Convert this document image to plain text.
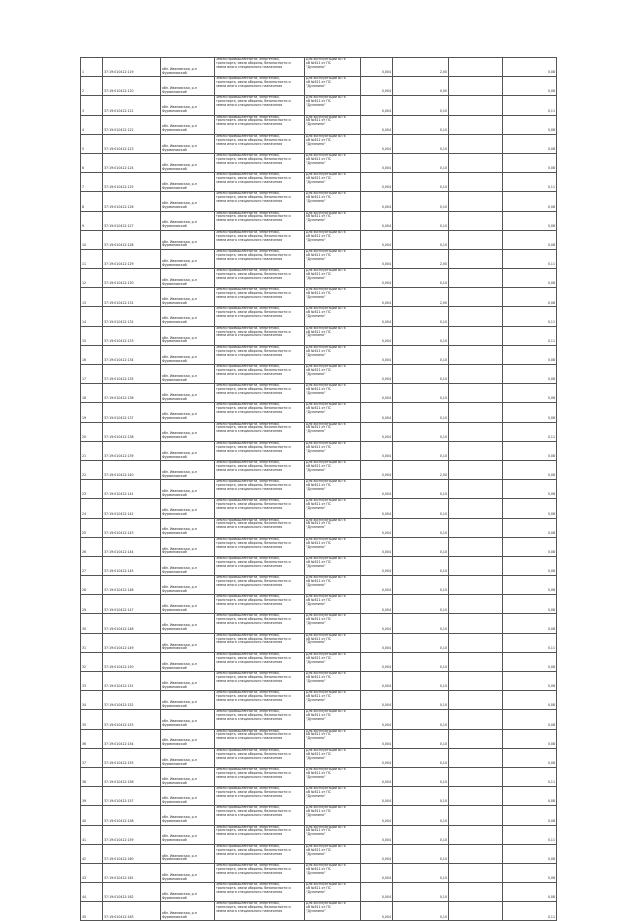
1	37:19:010412:119
обл. Ивановская, р-н
Фурмановский
Земли промышленности, энергетики,
транспорта, связи обороны, безопасности и
земли иного специального назначения
Для эксплуатации ВЛ 6
кВ №611 от ПС
"Дуляпино"
0,004	2,00	0,08
2	37:19:010412:120
обл. Ивановская, р-н
Фурмановский
Земли промышленности, энергетики,
транспорта, связи обороны, безопасности и
земли иного специального назначения
Для эксплуатации ВЛ 6
кВ №611 от ПС
"Дуляпино"
0,004	0,00	0,08
3	37:19:010412:121
обл. Ивановская, р-н
Фурмановский
Земли промышленности, энергетики,
транспорта, связи обороны, безопасности и
земли иного специального назначения
Для эксплуатации ВЛ 6
кВ №611 от ПС
"Дуляпино"
0,004	0,10	0,11
4	37:19:010412:122
обл. Ивановская, р-н
Фурмановский
Земли промышленности, энергетики,
транспорта, связи обороны, безопасности и
земли иного специального назначения
Для эксплуатации ВЛ 6
кВ №611 от ПС
"Дуляпино"
0,004	0,10	0,08
5	37:19:010412:123
обл. Ивановская, р-н
Фурмановский
Земли промышленности, энергетики,
транспорта, связи обороны, безопасности и
земли иного специального назначения
Для эксплуатации ВЛ 6
кВ №611 от ПС
"Дуляпино"
0,004	0,10	0,08
6	37:19:010412:124
обл. Ивановская, р-н
Фурмановский
Земли промышленности, энергетики,
транспорта, связи обороны, безопасности и
земли иного специального назначения
Для эксплуатации ВЛ 6
кВ №611 от ПС
"Дуляпино"
0,004	0,10	0,08
7	37:19:010412:125
обл. Ивановская, р-н
Фурмановский
Земли промышленности, энергетики,
транспорта, связи обороны, безопасности и
земли иного специального назначения
Для эксплуатации ВЛ 6
кВ №611 от ПС
"Дуляпино"
0,004	0,10	0,11
8	37:19:010412:126
обл. Ивановская, р-н
Фурмановский
Земли промышленности, энергетики,
транспорта, связи обороны, безопасности и
земли иного специального назначения
Для эксплуатации ВЛ 6
кВ №611 от ПС
"Дуляпино"
0,004	0,10	0,08
9	37:19:010412:127
обл. Ивановская, р-н
Фурмановский
Земли промышленности, энергетики,
транспорта, связи обороны, безопасности и
земли иного специального назначения
Для эксплуатации ВЛ 6
кВ №611 от ПС
"Дуляпино"
0,004	0,10	0,08
10	37:19:010412:128
обл. Ивановская, р-н
Фурмановский
Земли промышленности, энергетики,
транспорта, связи обороны, безопасности и
земли иного специального назначения
Для эксплуатации ВЛ 6
кВ №611 от ПС
"Дуляпино"
0,004	0,10	0,08
11	37:19:010412:129
обл. Ивановская, р-н
Фурмановский
Земли промышленности, энергетики,
транспорта, связи обороны, безопасности и
земли иного специального назначения
Для эксплуатации ВЛ 6
кВ №611 от ПС
"Дуляпино"
0,004	2,00	0,11
12	37:19:010412:130
обл. Ивановская, р-н
Фурмановский
Земли промышленности, энергетики,
транспорта, связи обороны, безопасности и
земли иного специального назначения
Для эксплуатации ВЛ 6
кВ №611 от ПС
"Дуляпино"
0,004	0,10	0,08
13	37:19:010412:131
обл. Ивановская, р-н
Фурмановский
Земли промышленности, энергетики,
транспорта, связи обороны, безопасности и
земли иного специального назначения
Для эксплуатации ВЛ 6
кВ №611 от ПС
"Дуляпино"
0,004	2,00	0,08
14	37:19:010412:132
обл. Ивановская, р-н
Фурмановский
Земли промышленности, энергетики,
транспорта, связи обороны, безопасности и
земли иного специального назначения
Для эксплуатации ВЛ 6
кВ №611 от ПС
"Дуляпино"
0,004	0,10	0,11
15	37:19:010412:133
обл. Ивановская, р-н
Фурмановский
Земли промышленности, энергетики,
транспорта, связи обороны, безопасности и
земли иного специального назначения
Для эксплуатации ВЛ 6
кВ №611 от ПС
"Дуляпино"
0,004	0,10	0,11
16	37:19:010412:134
обл. Ивановская, р-н
Фурмановский
Земли промышленности, энергетики,
транспорта, связи обороны, безопасности и
земли иного специального назначения
Для эксплуатации ВЛ 6
кВ №611 от ПС
"Дуляпино"
0,004	0,10	0,08
17	37:19:010412:135
обл. Ивановская, р-н
Фурмановский
Земли промышленности, энергетики,
транспорта, связи обороны, безопасности и
земли иного специального назначения
Для эксплуатации ВЛ 6
кВ №611 от ПС
"Дуляпино"
0,004	0,10	0,08
18	37:19:010412:136
обл. Ивановская, р-н
Фурмановский
Земли промышленности, энергетики,
транспорта, связи обороны, безопасности и
земли иного специального назначения
Для эксплуатации ВЛ 6
кВ №611 от ПС
"Дуляпино"
0,004	0,10	0,08
19	37:19:010412:137
обл. Ивановская, р-н
Фурмановский
Земли промышленности, энергетики,
транспорта, связи обороны, безопасности и
земли иного специального назначения
Для эксплуатации ВЛ 6
кВ №611 от ПС
"Дуляпино"
0,004	0,10	0,08
20	37:19:010412:138
обл. Ивановская, р-н
Фурмановский
Земли промышленности, энергетики,
транспорта, связи обороны, безопасности и
земли иного специального назначения
Для эксплуатации ВЛ 6
кВ №611 от ПС
"Дуляпино"
0,004	0,10	0,11
21	37:19:010412:139
обл. Ивановская, р-н
Фурмановский
Земли промышленности, энергетики,
транспорта, связи обороны, безопасности и
земли иного специального назначения
Для эксплуатации ВЛ 6
кВ №611 от ПС
"Дуляпино"
0,004	0,10	0,08
22	37:19:010412:140
обл. Ивановская, р-н
Фурмановский
Земли промышленности, энергетики,
транспорта, связи обороны, безопасности и
земли иного специального назначения
Для эксплуатации ВЛ 6
кВ №611 от ПС
"Дуляпино"
0,004	2,00	0,08
23	37:19:010412:141
обл. Ивановская, р-н
Фурмановский
Земли промышленности, энергетики,
транспорта, связи обороны, безопасности и
земли иного специального назначения
Для эксплуатации ВЛ 6
кВ №611 от ПС
"Дуляпино"
0,004	0,10	0,08
24	37:19:010412:142
обл. Ивановская, р-н
Фурмановский
Земли промышленности, энергетики,
транспорта, связи обороны, безопасности и
земли иного специального назначения
Для эксплуатации ВЛ 6
кВ №611 от ПС
"Дуляпино"
0,004	0,10	0,08
25	37:19:010412:143
обл. Ивановская, р-н
Фурмановский
Земли промышленности, энергетики,
транспорта, связи обороны, безопасности и
земли иного специального назначения
Для эксплуатации ВЛ 6
кВ №611 от ПС
"Дуляпино"
0,004	0,10	0,08
26	37:19:010412:144
обл. Ивановская, р-н
Фурмановский
Земли промышленности, энергетики,
транспорта, связи обороны, безопасности и
земли иного специального назначения
Для эксплуатации ВЛ 6
кВ №611 от ПС
"Дуляпино"
0,004	0,10	0,08
27	37:19:010412:145
обл. Ивановская, р-н
Фурмановский
Земли промышленности, энергетики,
транспорта, связи обороны, безопасности и
земли иного специального назначения
Для эксплуатации ВЛ 6
кВ №611 от ПС
"Дуляпино"
0,004	0,10	0,08
28	37:19:010412:146
обл. Ивановская, р-н
Фурмановский
Земли промышленности, энергетики,
транспорта, связи обороны, безопасности и
земли иного специального назначения
Для эксплуатации ВЛ 6
кВ №611 от ПС
"Дуляпино"
0,004	0,10	0,08
29	37:19:010412:147
обл. Ивановская, р-н
Фурмановский
Земли промышленности, энергетики,
транспорта, связи обороны, безопасности и
земли иного специального назначения
Для эксплуатации ВЛ 6
кВ №611 от ПС
"Дуляпино"
0,004	0,10	0,08
30	37:19:010412:148
обл. Ивановская, р-н
Фурмановский
Земли промышленности, энергетики,
транспорта, связи обороны, безопасности и
земли иного специального назначения
Для эксплуатации ВЛ 6
кВ №611 от ПС
"Дуляпино"
0,004	0,10	0,08
31	37:19:010412:149
обл. Ивановская, р-н
Фурмановский
Земли промышленности, энергетики,
транспорта, связи обороны, безопасности и
земли иного специального назначения
Для эксплуатации ВЛ 6
кВ №611 от ПС
"Дуляпино"
0,004	0,10	0,11
32	37:19:010412:150
обл. Ивановская, р-н
Фурмановский
Земли промышленности, энергетики,
транспорта, связи обороны, безопасности и
земли иного специального назначения
Для эксплуатации ВЛ 6
кВ №611 от ПС
"Дуляпино"
0,004	0,10	0,08
33	37:19:010412:151
обл. Ивановская, р-н
Фурмановский
Земли промышленности, энергетики,
транспорта, связи обороны, безопасности и
земли иного специального назначения
Для эксплуатации ВЛ 6
кВ №611 от ПС
"Дуляпино"
0,004	0,10	0,08
34	37:19:010412:152
обл. Ивановская, р-н
Фурмановский
Земли промышленности, энергетики,
транспорта, связи обороны, безопасности и
земли иного специального назначения
Для эксплуатации ВЛ 6
кВ №611 от ПС
"Дуляпино"
0,004	0,10	0,08
35	37:19:010412:153
обл. Ивановская, р-н
Фурмановский
Земли промышленности, энергетики,
транспорта, связи обороны, безопасности и
земли иного специального назначения
Для эксплуатации ВЛ 6
кВ №611 от ПС
"Дуляпино"
0,004	0,10	0,08
36	37:19:010412:154
обл. Ивановская, р-н
Фурмановский
Земли промышленности, энергетики,
транспорта, связи обороны, безопасности и
земли иного специального назначения
Для эксплуатации ВЛ 6
кВ №611 от ПС
"Дуляпино"
0,004	0,10	0,08
37	37:19:010412:155
обл. Ивановская, р-н
Фурмановский
Земли промышленности, энергетики,
транспорта, связи обороны, безопасности и
земли иного специального назначения
Для эксплуатации ВЛ 6
кВ №611 от ПС
"Дуляпино"
0,004	0,10	0,08
38	37:19:010412:156
обл. Ивановская, р-н
Фурмановский
Земли промышленности, энергетики,
транспорта, связи обороны, безопасности и
земли иного специального назначения
Для эксплуатации ВЛ 6
кВ №611 от ПС
"Дуляпино"
0,004	0,10	0,11
39	37:19:010412:157
обл. Ивановская, р-н
Фурмановский
Земли промышленности, энергетики,
транспорта, связи обороны, безопасности и
земли иного специального назначения
Для эксплуатации ВЛ 6
кВ №611 от ПС
"Дуляпино"
0,004	0,10	0,08
40	37:19:010412:158
обл. Ивановская, р-н
Фурмановский
Земли промышленности, энергетики,
транспорта, связи обороны, безопасности и
земли иного специального назначения
Для эксплуатации ВЛ 6
кВ №611 от ПС
"Дуляпино"
0,004	0,10	0,08
41	37:19:010412:159
обл. Ивановская, р-н
Фурмановский
Земли промышленности, энергетики,
транспорта, связи обороны, безопасности и
земли иного специального назначения
Для эксплуатации ВЛ 6
кВ №611 от ПС
"Дуляпино"
0,004	0,10	0,11
42	37:19:010412:160
обл. Ивановская, р-н
Фурмановский
Земли промышленности, энергетики,
транспорта, связи обороны, безопасности и
земли иного специального назначения
Для эксплуатации ВЛ 6
кВ №611 от ПС
"Дуляпино"
0,004	0,10	0,08
43	37:19:010412:161
обл. Ивановская, р-н
Фурмановский
Земли промышленности, энергетики,
транспорта, связи обороны, безопасности и
земли иного специального назначения
Для эксплуатации ВЛ 6
кВ №611 от ПС
"Дуляпино"
0,004	0,10	0,08
44	37:19:010412:162
обл. Ивановская, р-н
Фурмановский
Земли промышленности, энергетики,
транспорта, связи обороны, безопасности и
земли иного специального назначения
Для эксплуатации ВЛ 6
кВ №611 от ПС
"Дуляпино"
0,004	0,10	0,08
45	37:19:010412:163
обл. Ивановская, р-н
Фурмановский
Земли промышленности, энергетики,
транспорта, связи обороны, безопасности и
земли иного специального назначения
Для эксплуатации ВЛ 6
кВ №611 от ПС
"Дуляпино"
0,004	0,10	0,11
